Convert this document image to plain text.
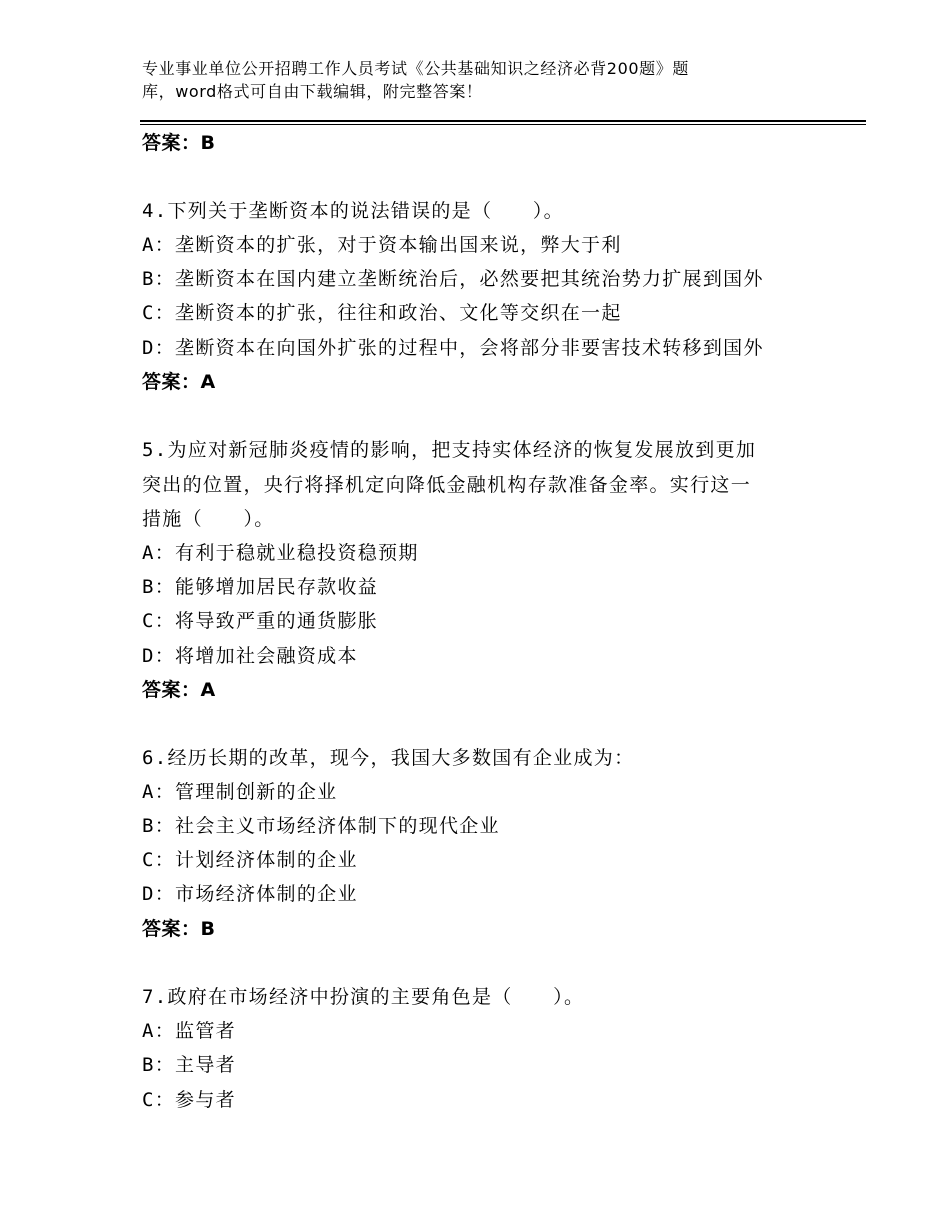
专业事业单位公开招聘工作人员考试《公共基础知识之经济必背200题》题
库，word格式可自由下载编辑，附完整答案！
答案：B
4.下列关于垄断资本的说法错误的是（　　）。
A：垄断资本的扩张，对于资本输出国来说，弊大于利
B：垄断资本在国内建立垄断统治后，必然要把其统治势力扩展到国外
C：垄断资本的扩张，往往和政治、文化等交织在一起
D：垄断资本在向国外扩张的过程中，会将部分非要害技术转移到国外
答案：A
5.为应对新冠肺炎疫情的影响，把支持实体经济的恢复发展放到更加
突出的位置，央行将择机定向降低金融机构存款准备金率。实行这一
措施（　　）。
A：有利于稳就业稳投资稳预期
B：能够增加居民存款收益
C：将导致严重的通货膨胀
D：将增加社会融资成本
答案：A
6.经历长期的改革，现今，我国大多数国有企业成为：
A：管理制创新的企业
B：社会主义市场经济体制下的现代企业
C：计划经济体制的企业
D：市场经济体制的企业
答案：B
7.政府在市场经济中扮演的主要角色是（　　）。
A：监管者
B：主导者
C：参与者
